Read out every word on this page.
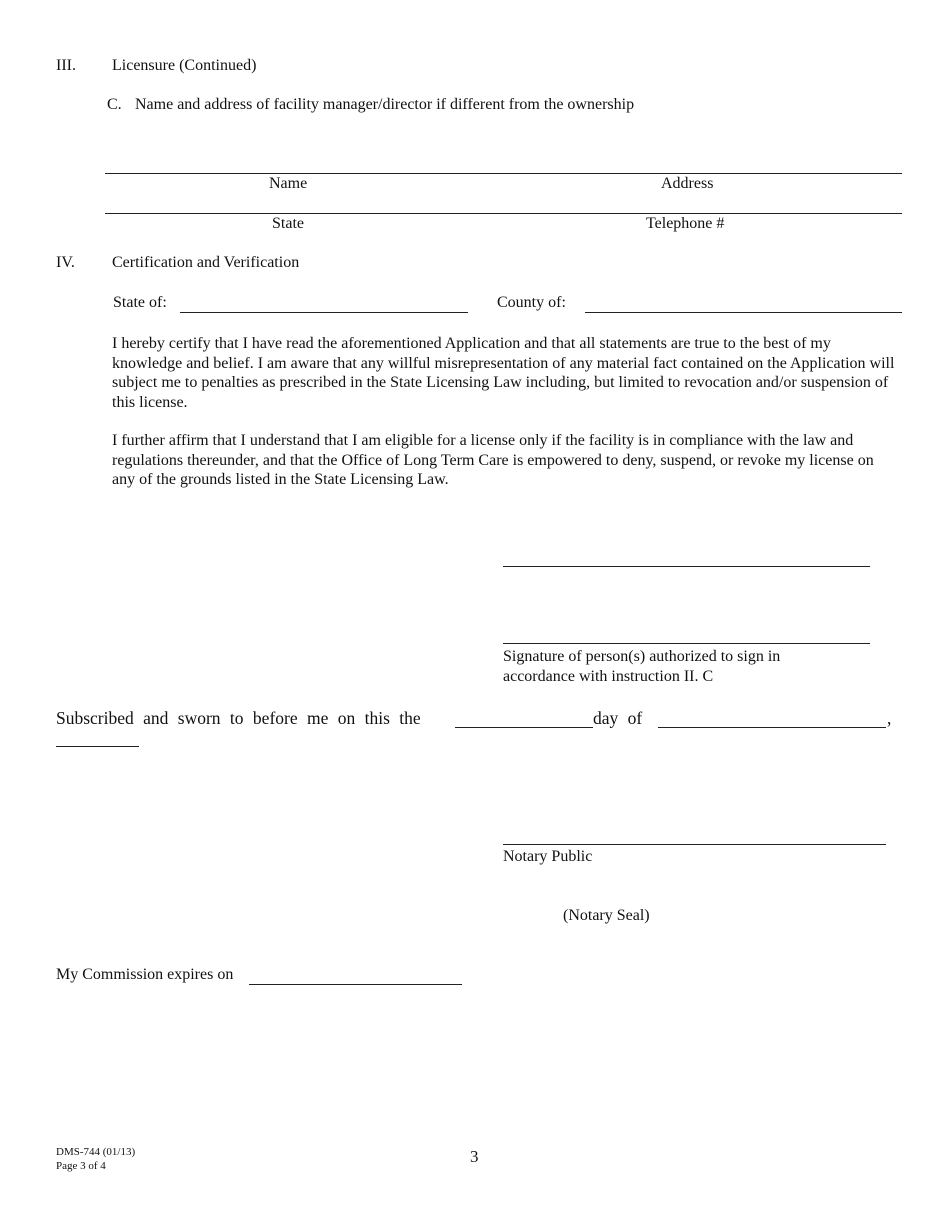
III. Licensure (Continued)
C. Name and address of facility manager/director if different from the ownership
Name	Address
State	Telephone #
IV. Certification and Verification
State of:	County of:
I hereby certify that I have read the aforementioned Application and that all statements are true to the best of my knowledge and belief. I am aware that any willful misrepresentation of any material fact contained on the Application will subject me to penalties as prescribed in the State Licensing Law including, but limited to revocation and/or suspension of this license.
I further affirm that I understand that I am eligible for a license only if the facility is in compliance with the law and regulations thereunder, and that the Office of Long Term Care is empowered to deny, suspend, or revoke my license on any of the grounds listed in the State Licensing Law.
Signature of person(s) authorized to sign in
accordance with instruction II. C
Subscribed and sworn to before me on this the	day of	,
Notary Public
(Notary Seal)
My Commission expires on
DMS-744 (01/13)
Page 3 of 4	3
